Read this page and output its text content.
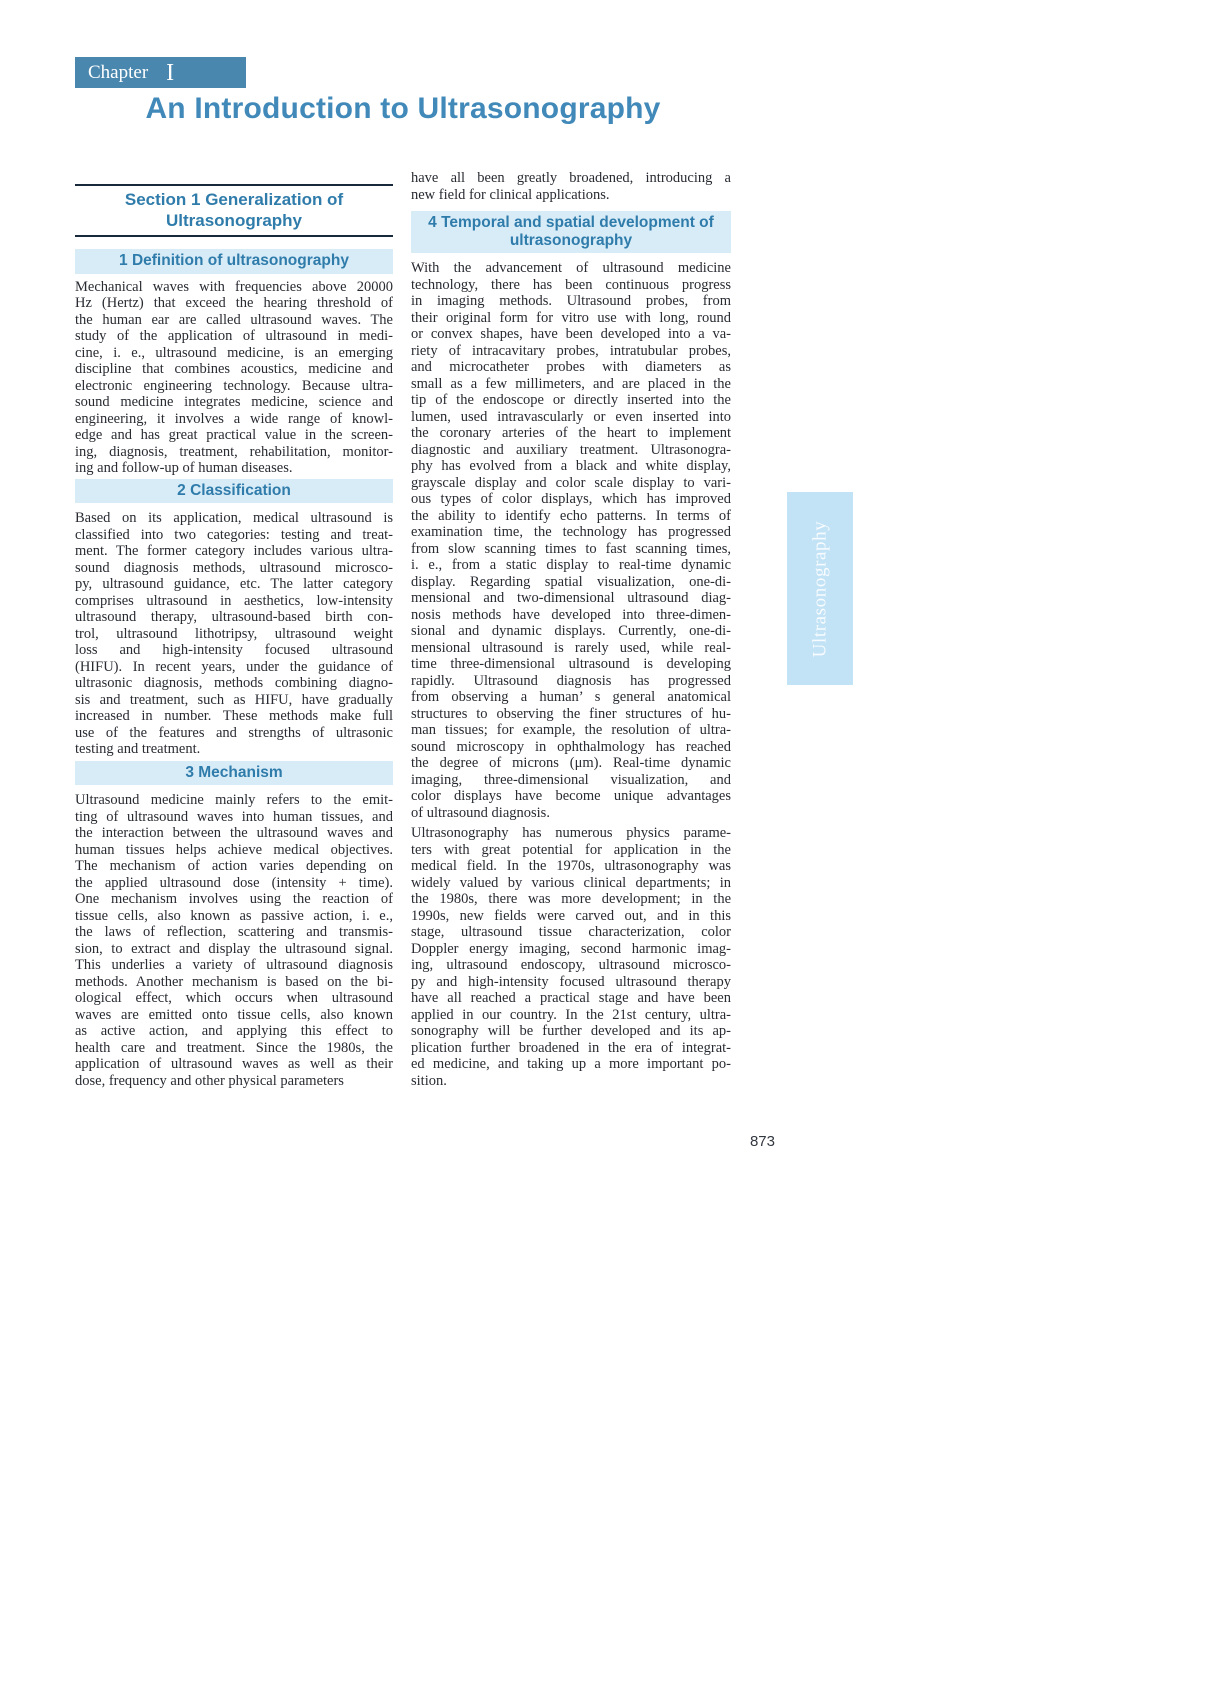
Chapter I
An Introduction to Ultrasonography
Section 1 Generalization of
Ultrasonography
1 Definition of ultrasonography
Mechanical waves with frequencies above 20000
Hz (Hertz) that exceed the hearing threshold of
the human ear are called ultrasound waves. The
study of the application of ultrasound in medi-
cine, i. e., ultrasound medicine, is an emerging
discipline that combines acoustics, medicine and
electronic engineering technology. Because ultra-
sound medicine integrates medicine, science and
engineering, it involves a wide range of knowl-
edge and has great practical value in the screen-
ing, diagnosis, treatment, rehabilitation, monitor-
ing and follow-up of human diseases.
2 Classification
Based on its application, medical ultrasound is
classified into two categories: testing and treat-
ment. The former category includes various ultra-
sound diagnosis methods, ultrasound microsco-
py, ultrasound guidance, etc. The latter category
comprises ultrasound in aesthetics, low-intensity
ultrasound therapy, ultrasound-based birth con-
trol, ultrasound lithotripsy, ultrasound weight
loss and high-intensity focused ultrasound
(HIFU). In recent years, under the guidance of
ultrasonic diagnosis, methods combining diagno-
sis and treatment, such as HIFU, have gradually
increased in number. These methods make full
use of the features and strengths of ultrasonic
testing and treatment.
3 Mechanism
Ultrasound medicine mainly refers to the emit-
ting of ultrasound waves into human tissues, and
the interaction between the ultrasound waves and
human tissues helps achieve medical objectives.
The mechanism of action varies depending on
the applied ultrasound dose (intensity + time).
One mechanism involves using the reaction of
tissue cells, also known as passive action, i. e.,
the laws of reflection, scattering and transmis-
sion, to extract and display the ultrasound signal.
This underlies a variety of ultrasound diagnosis
methods. Another mechanism is based on the bi-
ological effect, which occurs when ultrasound
waves are emitted onto tissue cells, also known
as active action, and applying this effect to
health care and treatment. Since the 1980s, the
application of ultrasound waves as well as their
dose, frequency and other physical parameters
have all been greatly broadened, introducing a
new field for clinical applications.
4 Temporal and spatial development of
ultrasonography
With the advancement of ultrasound medicine
technology, there has been continuous progress
in imaging methods. Ultrasound probes, from
their original form for vitro use with long, round
or convex shapes, have been developed into a va-
riety of intracavitary probes, intratubular probes,
and microcatheter probes with diameters as
small as a few millimeters, and are placed in the
tip of the endoscope or directly inserted into the
lumen, used intravascularly or even inserted into
the coronary arteries of the heart to implement
diagnostic and auxiliary treatment. Ultrasonogra-
phy has evolved from a black and white display,
grayscale display and color scale display to vari-
ous types of color displays, which has improved
the ability to identify echo patterns. In terms of
examination time, the technology has progressed
from slow scanning times to fast scanning times,
i. e., from a static display to real-time dynamic
display. Regarding spatial visualization, one-di-
mensional and two-dimensional ultrasound diag-
nosis methods have developed into three-dimen-
sional and dynamic displays. Currently, one-di-
mensional ultrasound is rarely used, while real-
time three-dimensional ultrasound is developing
rapidly. Ultrasound diagnosis has progressed
from observing a human’ s general anatomical
structures to observing the finer structures of hu-
man tissues; for example, the resolution of ultra-
sound microscopy in ophthalmology has reached
the degree of microns (μm). Real-time dynamic
imaging, three-dimensional visualization, and
color displays have become unique advantages
of ultrasound diagnosis.
Ultrasonography has numerous physics parame-
ters with great potential for application in the
medical field. In the 1970s, ultrasonography was
widely valued by various clinical departments; in
the 1980s, there was more development; in the
1990s, new fields were carved out, and in this
stage, ultrasound tissue characterization, color
Doppler energy imaging, second harmonic imag-
ing, ultrasound endoscopy, ultrasound microsco-
py and high-intensity focused ultrasound therapy
have all reached a practical stage and have been
applied in our country. In the 21st century, ultra-
sonography will be further developed and its ap-
plication further broadened in the era of integrat-
ed medicine, and taking up a more important po-
sition.
Ultrasonography
873
